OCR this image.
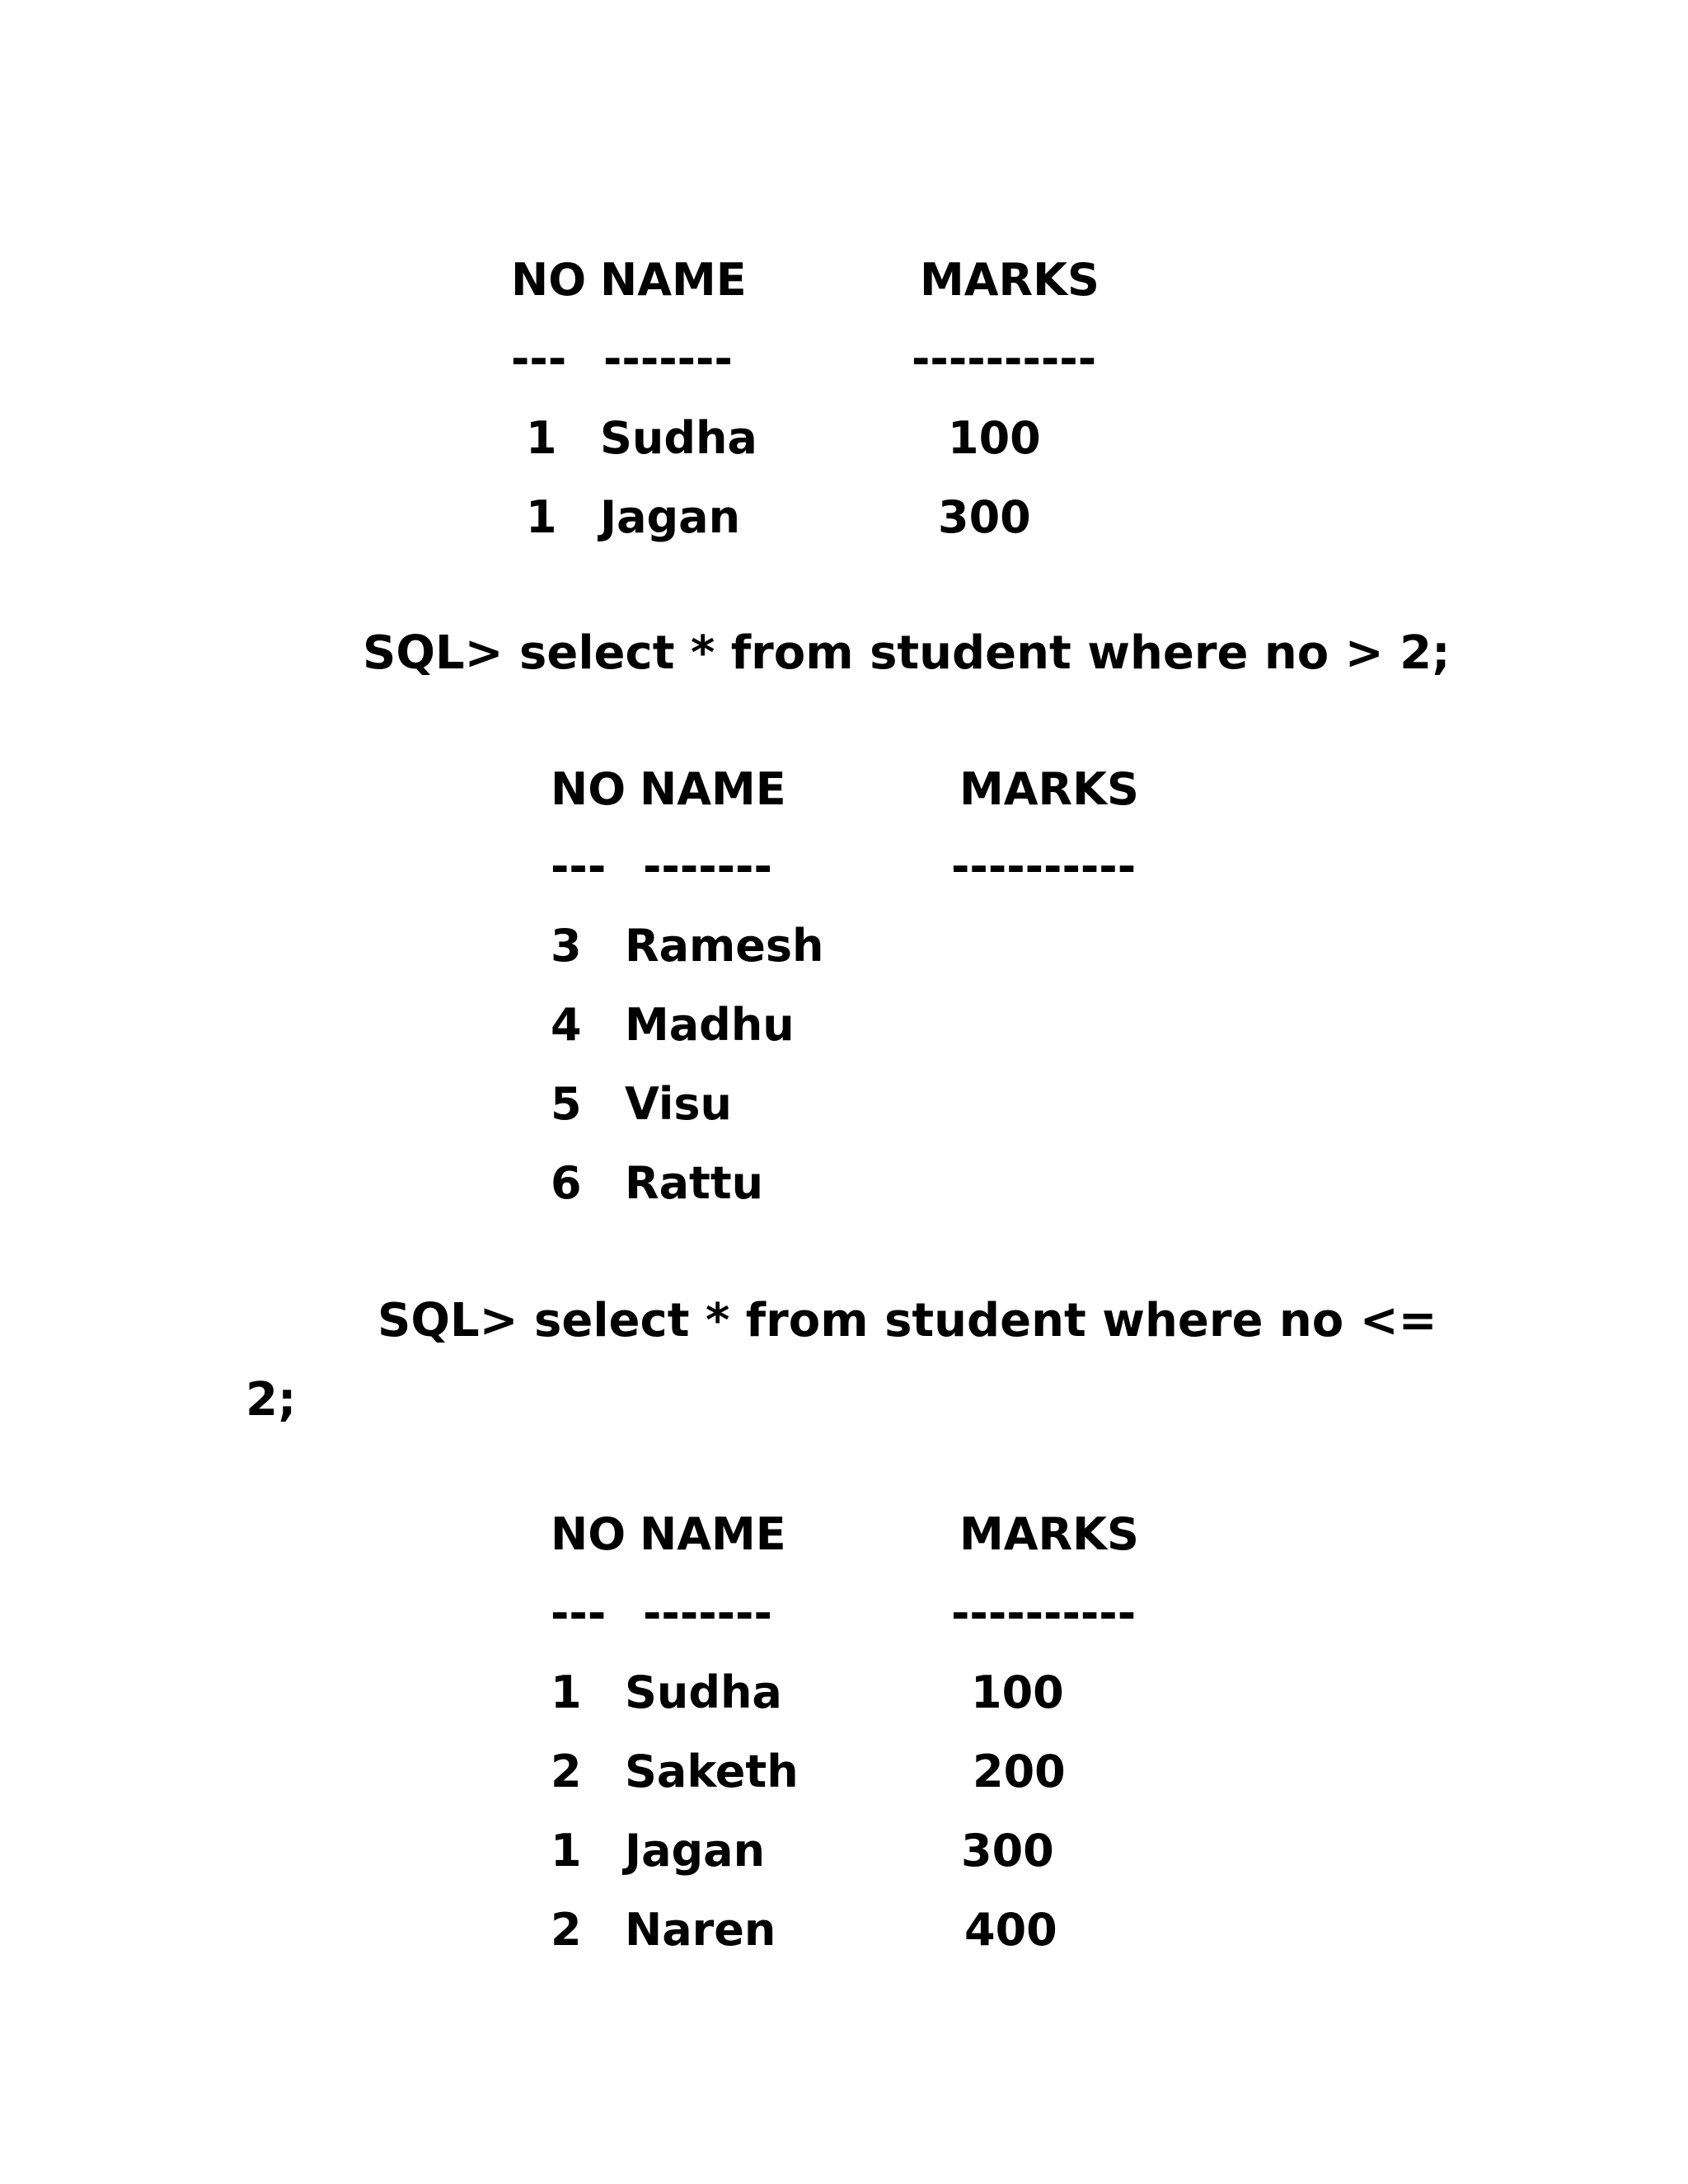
NO NAME	MARKS
--- -------	----------
1 Sudha	100
1 Jagan	300
SQL> select * from student where no > 2;
NO NAME	MARKS
--- -------	----------
3 Ramesh
4 Madhu
5 Visu
6 Rattu
SQL> select * from student where no <=
2;
NO NAME	MARKS
--- -------	----------
1 Sudha	100
2 Saketh	200
1 Jagan	300
2 Naren	400
